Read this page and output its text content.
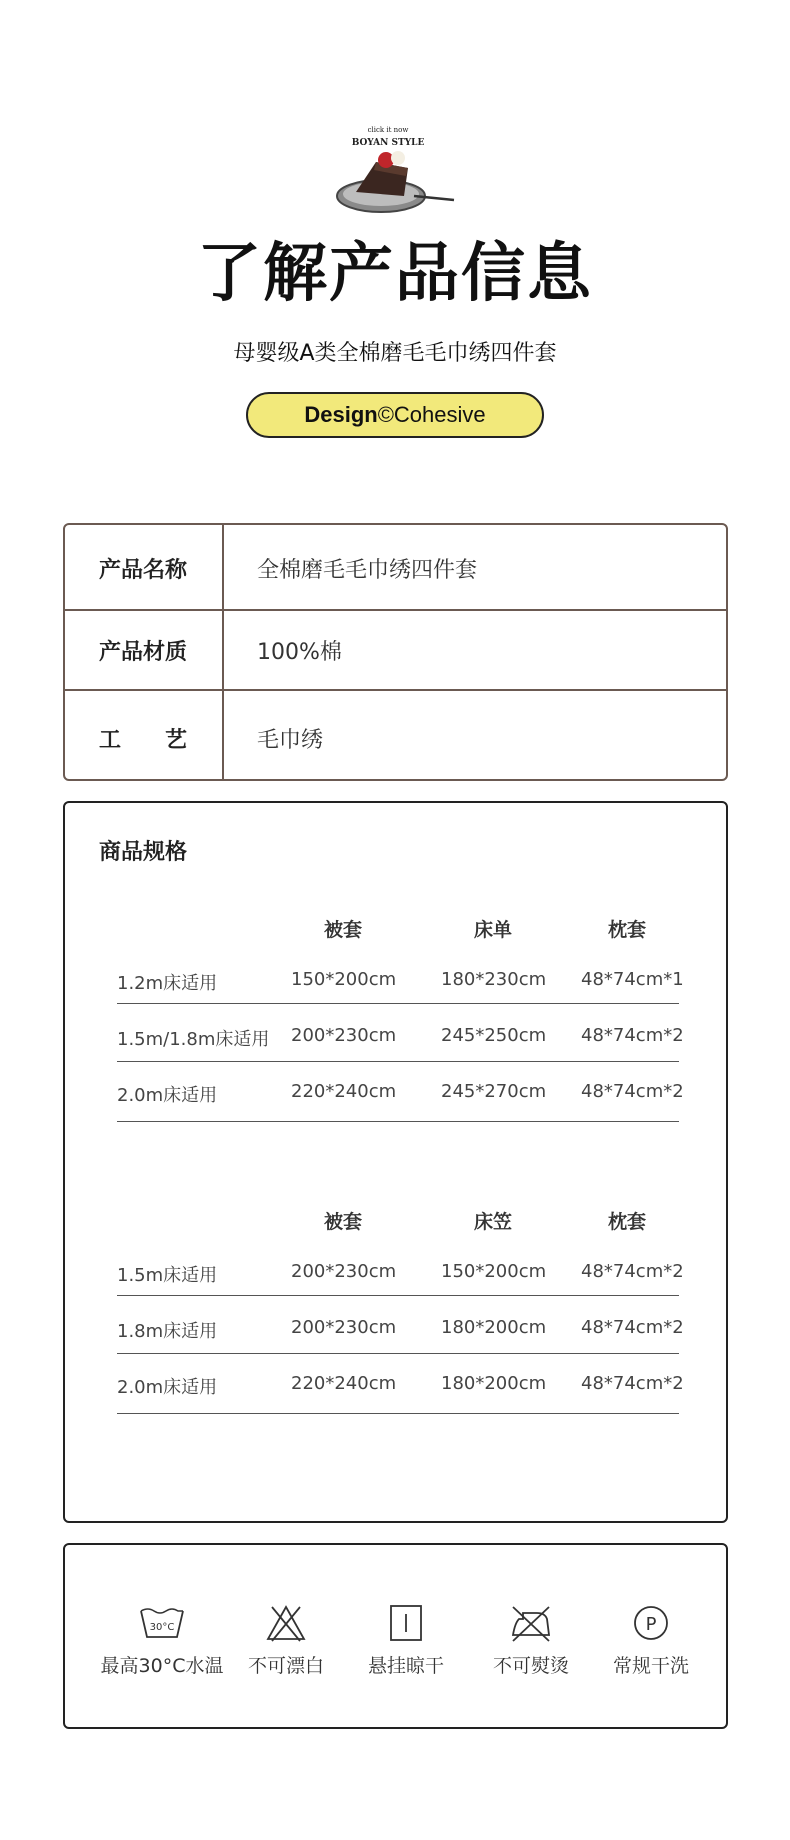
click it now
BOYAN STYLE
了解产品信息
母婴级A类全棉磨毛毛巾绣四件套
Design©Cohesive
产品名称	全棉磨毛毛巾绣四件套
产品材质	100%棉
工　　艺	毛巾绣
商品规格
被套	床单	枕套
1.2m床适用	150*200cm 180*230cm 48*74cm*1
1.5m/1.8m床适用 200*230cm 245*250cm 48*74cm*2
2.0m床适用	220*240cm 245*270cm 48*74cm*2
被套	床笠	枕套
1.5m床适用	200*230cm 150*200cm 48*74cm*2
1.8m床适用	200*230cm 180*200cm 48*74cm*2
2.0m床适用	220*240cm 180*200cm 48*74cm*2
30°C
最高30°C水温	不可漂白	悬挂晾干	不可熨烫
P
常规干洗
